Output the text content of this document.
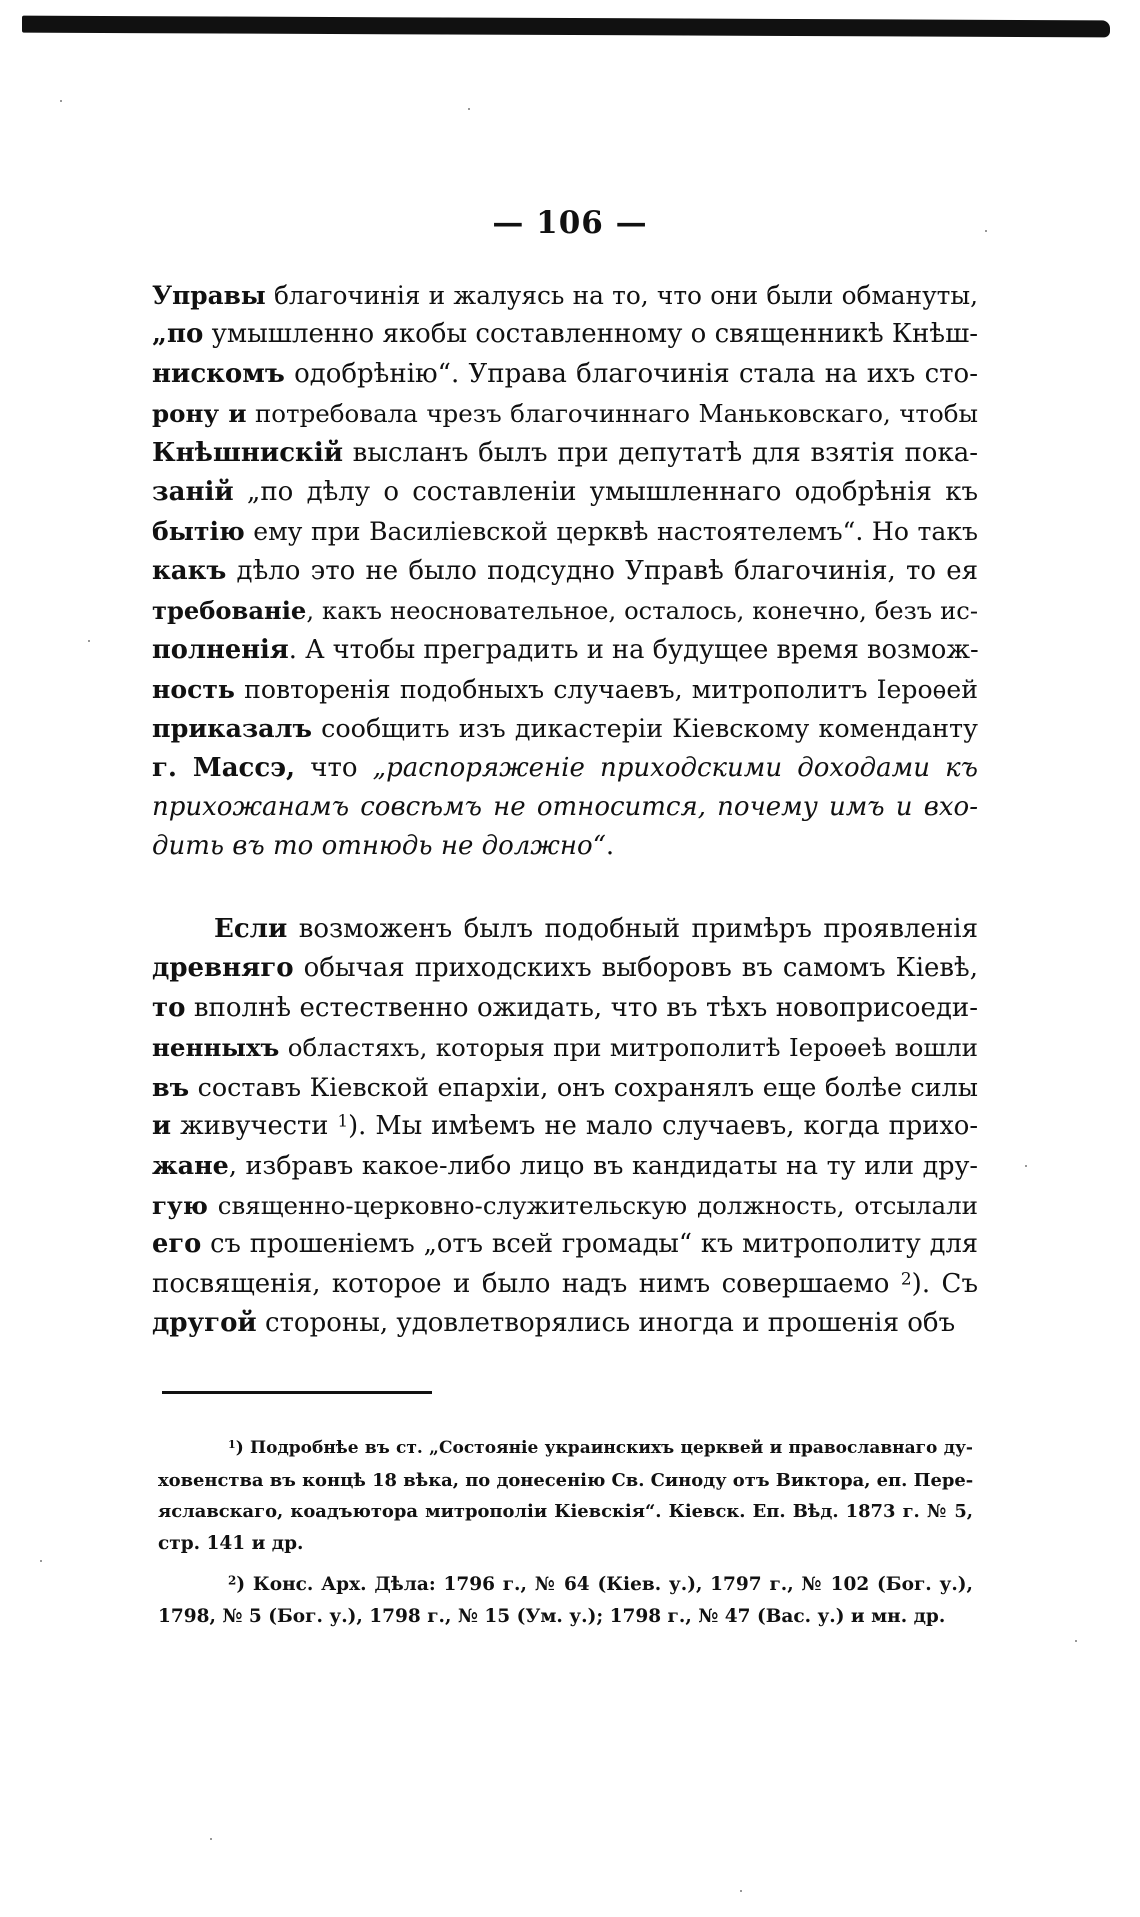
— 106 —
Управы благочинія и жалуясь на то, что они были обмануты,
„по умышленно якобы составленному о священникѣ Кнѣш-
нискомъ одобрѣнію“. Управа благочинія стала на ихъ сто-
рону и потребовала чрезъ благочиннаго Маньковскаго, чтобы
Кнѣшнискій высланъ былъ при депутатѣ для взятія пока-
заній „по дѣлу о составленіи умышленнаго одобрѣнія къ
бытію ему при Василіевской церквѣ настоятелемъ“. Но такъ
какъ дѣло это не было подсудно Управѣ благочинія, то ея
требованіе, какъ неосновательное, осталось, конечно, безъ ис-
полненія. А чтобы преградить и на будущее время возмож-
ность повторенія подобныхъ случаевъ, митрополитъ Іероѳей
приказалъ сообщить изъ дикастеріи Кіевскому коменданту
г. Массэ, что „распоряженіе приходскими доходами къ
прихожанамъ совсѣмъ не относится, почему имъ и вхо-
дить въ то отнюдь не должно“.
Если возможенъ былъ подобный примѣръ проявленія
древняго обычая приходскихъ выборовъ въ самомъ Кіевѣ,
то вполнѣ естественно ожидать, что въ тѣхъ новоприсоеди-
ненныхъ областяхъ, которыя при митрополитѣ Іероѳеѣ вошли
въ составъ Кіевской епархіи, онъ сохранялъ еще болѣе силы
и живучести $^1$). Мы имѣемъ не мало случаевъ, когда прихо-
жане, избравъ какое-либо лицо въ кандидаты на ту или дру-
гую священно-церковно-служительскую должность, отсылали
его съ прошеніемъ „отъ всей громады“ къ митрополиту для
посвященія, которое и было надъ нимъ совершаемо $^2$). Съ
другой стороны, удовлетворялись иногда и прошенія объ
$^1$) Подробнѣе въ ст. „Состояніе украинскихъ церквей и православнаго ду-
ховенства въ концѣ 18 вѣка, по донесенію Св. Синоду отъ Виктора, еп. Пере-
яславскаго, коадъютора митрополіи Кіевскія“. Кіевск. Еп. Вѣд. 1873 г. № 5,
стр. 141 и др.
$^2$) Конс. Арх. Дѣла: 1796 г., № 64 (Кіев. у.), 1797 г., № 102 (Бог. у.),
1798, № 5 (Бог. у.), 1798 г., № 15 (Ум. у.); 1798 г., № 47 (Вас. у.) и мн. др.
